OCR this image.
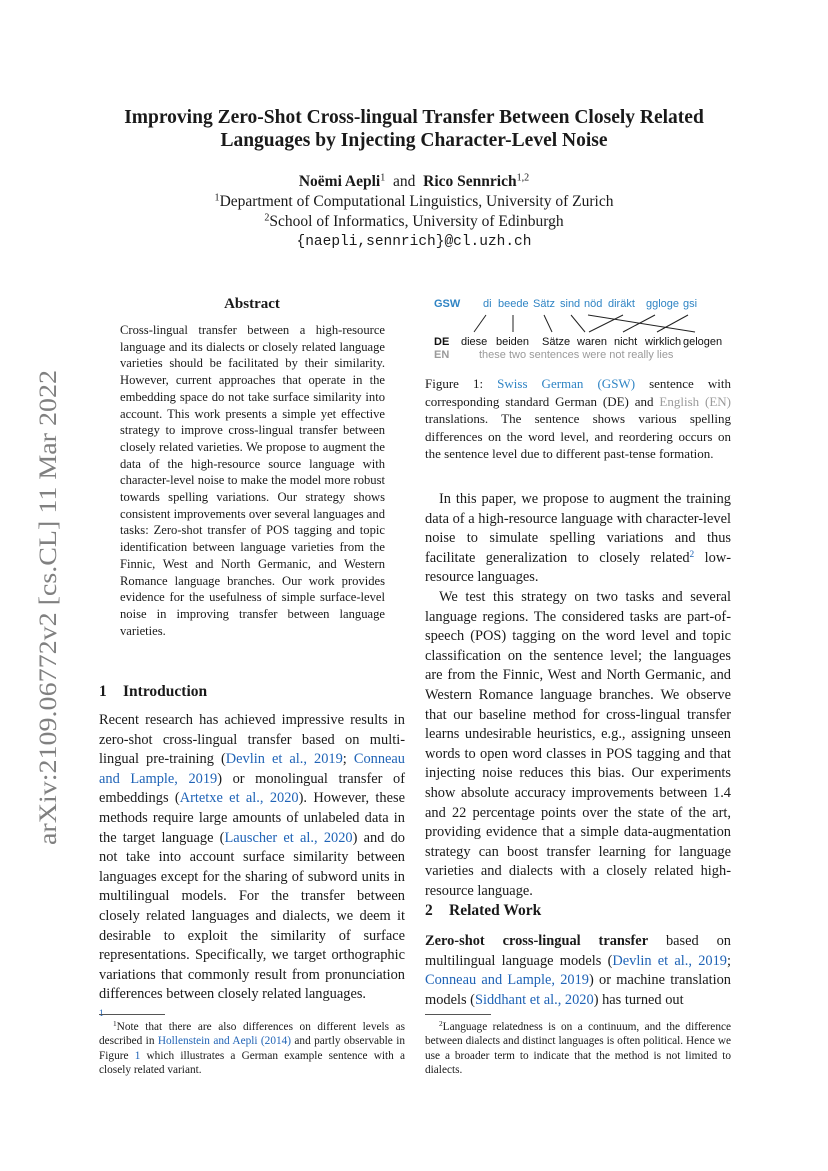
arXiv:2109.06772v2 [cs.CL] 11 Mar 2022
Improving Zero-Shot Cross-lingual Transfer Between Closely Related
Languages by Injecting Character-Level Noise
Noëmi Aepli$^1$ and Rico Sennrich$^{1,2}$
$^1$Department of Computational Linguistics, University of Zurich
$^2$School of Informatics, University of Edinburgh
{naepli,sennrich}@cl.uzh.ch
Abstract
Cross-lingual transfer between a high-resource language and its dialects or closely related language varieties should be facilitated by their similarity. However, current approaches that operate in the embedding space do not take surface similarity into account. This work presents a simple yet effective strategy to improve cross-lingual transfer between closely related varieties. We propose to augment the data of the high-resource source language with character-level noise to make the model more robust towards spelling variations. Our strategy shows consistent improvements over several languages and tasks: Zero-shot transfer of POS tagging and topic identification between language varieties from the Finnic, West and North Germanic, and Western Romance language branches. Our work provides evidence for the usefulness of simple surface-level noise in improving transfer between language varieties.
1 Introduction

Recent research has achieved impressive results in zero-shot cross-lingual transfer based on multi-lingual pre-training (Devlin et al., 2019; Conneau and Lample, 2019) or monolingual transfer of embeddings (Artetxe et al., 2020). However, these methods require large amounts of unlabeled data in the target language (Lauscher et al., 2020) and do not take into account surface similarity between languages except for the sharing of subword units in multilingual models. For the transfer between closely related languages and dialects, we deem it desirable to exploit the similarity of surface representations. Specifically, we target orthographic variations that commonly result from pronunciation differences between closely related languages.
$^1$

$^1$Note that there are also differences on different levels as described in Hollenstein and Aepli (2014) and partly observable in Figure 1 which illustrates a German example sentence with a closely related variant.
GSW di beede Sätz sind nöd diräkt ggloge gsi
DE diese beiden Sätze waren nicht wirklich gelogen
EN	these two sentences were not really lies
Figure 1: Swiss German (GSW) sentence with corresponding standard German (DE) and English (EN) translations. The sentence shows various spelling differences on the word level, and reordering occurs on the sentence level due to different past-tense formation.

In this paper, we propose to augment the training data of a high-resource language with character-level noise to simulate spelling variations and thus facilitate generalization to closely related$^2$ low-resource languages.

We test this strategy on two tasks and several language regions. The considered tasks are part-of-speech (POS) tagging on the word level and topic classification on the sentence level; the languages are from the Finnic, West and North Germanic, and Western Romance language branches. We observe that our baseline method for cross-lingual transfer learns undesirable heuristics, e.g., assigning unseen words to open word classes in POS tagging and that injecting noise reduces this bias. Our experiments show absolute accuracy improvements between 1.4 and 22 percentage points over the state of the art, providing evidence that a simple data-augmentation strategy can boost transfer learning for language varieties and dialects with a closely related high-resource language.

2 Related Work

Zero-shot cross-lingual transfer based on multilingual language models (Devlin et al., 2019; Conneau and Lample, 2019) or machine translation models (Siddhant et al., 2020) has turned out

$^2$Language relatedness is on a continuum, and the difference between dialects and distinct languages is often political. Hence we use a broader term to indicate that the method is not limited to dialects.
